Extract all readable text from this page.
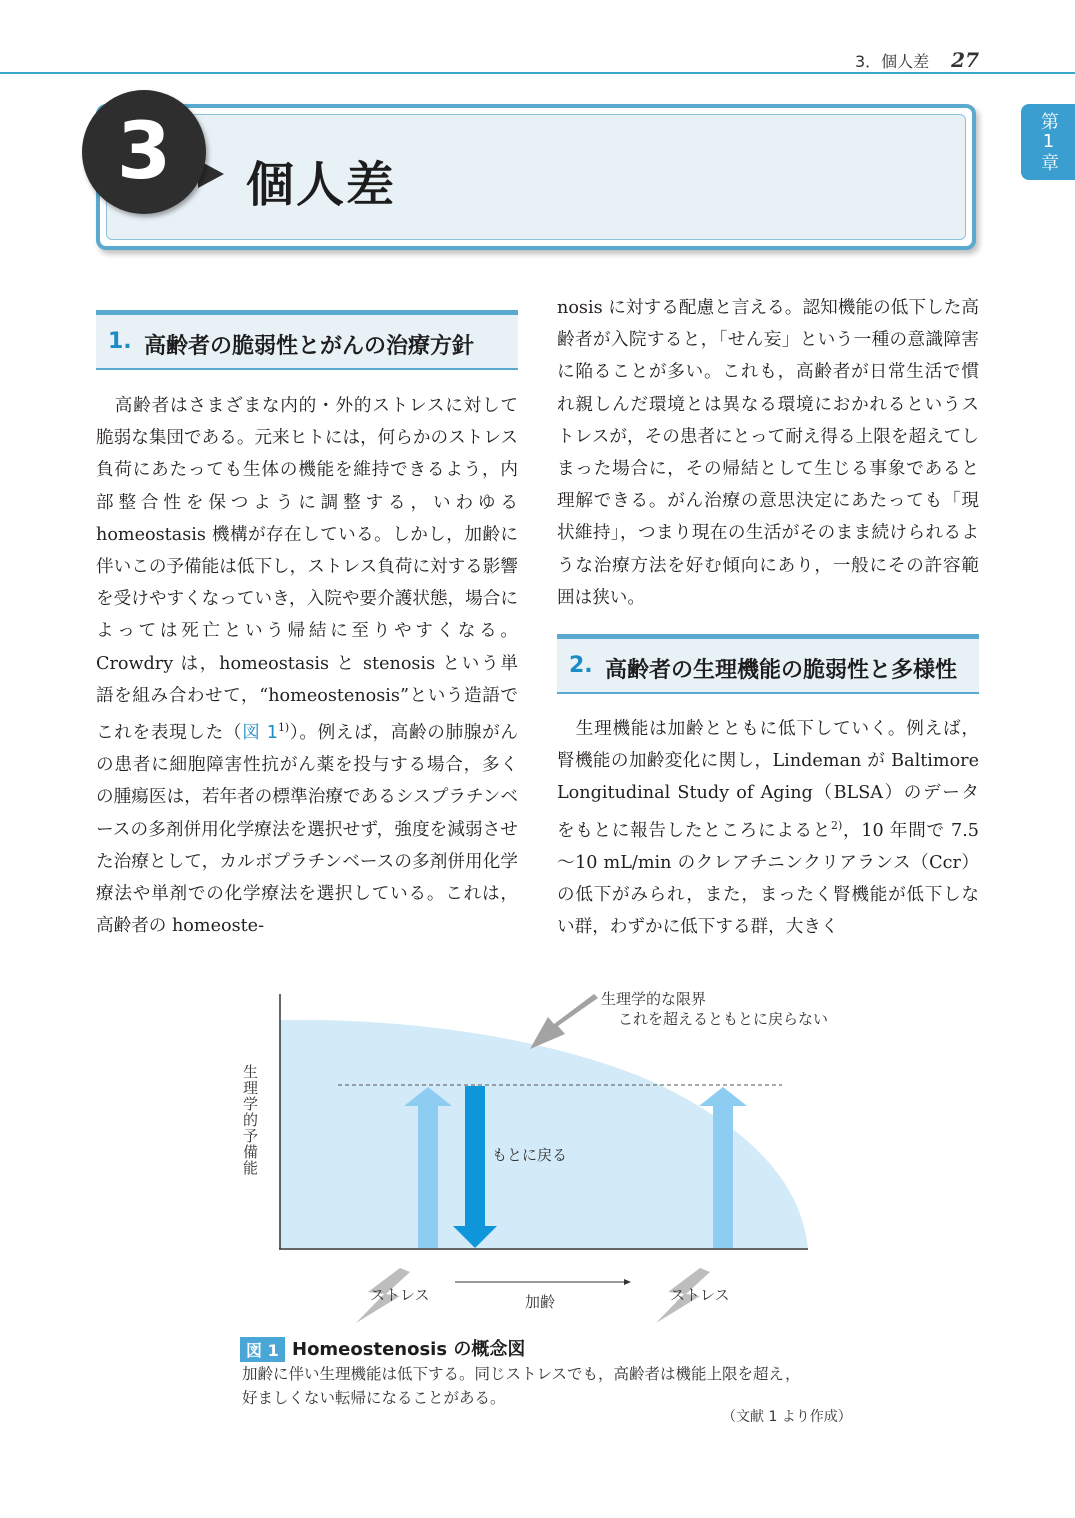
3．個人差 27
第1章
3	個人差
1. 高齢者の脆弱性とがんの治療方針
高齢者はさまざまな内的・外的ストレスに対して脆弱な集団である。元来ヒトには，何らかのストレス負荷にあたっても生体の機能を維持できるよう，内部整合性を保つように調整する，いわゆる homeostasis 機構が存在している。しかし，加齢に伴いこの予備能は低下し，ストレス負荷に対する影響を受けやすくなっていき，入院や要介護状態，場合によっては死亡という帰結に至りやすくなる。Crowdry は，homeostasis と stenosis という単語を組み合わせて，“homeostenosis”という造語でこれを表現した（図 1$^{1)}$）。例えば，高齢の肺腺がんの患者に細胞障害性抗がん薬を投与する場合，多くの腫瘍医は，若年者の標準治療であるシスプラチンベースの多剤併用化学療法を選択せず，強度を減弱させた治療として，カルボプラチンベースの多剤併用化学療法や単剤での化学療法を選択している。これは，高齢者の homeoste-
nosis に対する配慮と言える。認知機能の低下した高齢者が入院すると，「せん妄」という一種の意識障害に陥ることが多い。これも，高齢者が日常生活で慣れ親しんだ環境とは異なる環境におかれるというストレスが，その患者にとって耐え得る上限を超えてしまった場合に，その帰結として生じる事象であると理解できる。がん治療の意思決定にあたっても「現状維持」，つまり現在の生活がそのまま続けられるような治療方法を好む傾向にあり，一般にその許容範囲は狭い。
2. 高齢者の生理機能の脆弱性と多様性
生理機能は加齢とともに低下していく。例えば，腎機能の加齢変化に関し，Lindeman が Baltimore Longitudinal Study of Aging（BLSA）のデータをもとに報告したところによると$^{2)}$，10 年間で 7.5～10 mL/min のクレアチニンクリアランス（Ccr）の低下がみられ，また，まったく腎機能が低下しない群，わずかに低下する群，大きく
生理学的予備能
生理学的な限界
これを超えるともとに戻らない
もとに戻る
ストレス	ストレス
加齢
図 1 Homeostenosis の概念図
加齢に伴い生理機能は低下する。同じストレスでも，高齢者は機能上限を超え，
好ましくない転帰になることがある。
（文献 1 より作成）
